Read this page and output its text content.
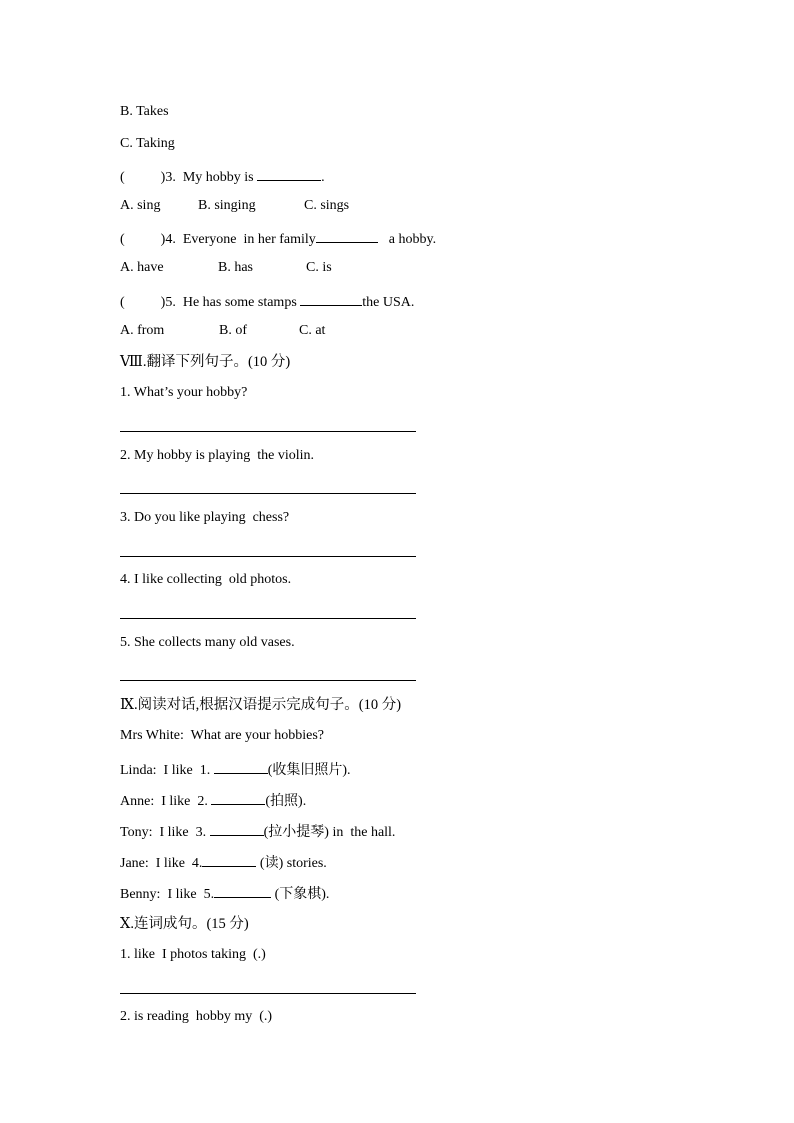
B. Takes
C. Taking
(	)3.  My hobby is	.
A. sing	B. singing	C. sings
(	)4.  Everyone  in her family	a hobby.
A. have	B. has	C. is
(	)5.  He has some stamps	the USA.
A. from	B. of	C. at
Ⅷ.翻译下列句子。(10 分)
1. What’s your hobby?
2. My hobby is playing  the violin.
3. Do you like playing  chess?
4. I like collecting  old photos.
5. She collects many old vases.
Ⅸ.阅读对话,根据汉语提示完成句子。(10 分)
Mrs White:  What are your hobbies?
Linda:  I like  1.	(收集旧照片).
Anne:  I like  2.	(拍照).
Tony:  I like  3.	(拉小提琴) in  the hall.
Jane:  I like  4.	(读) stories.
Benny:  I like  5.	(下象棋).
Ⅹ.连词成句。(15 分)
1. like  I photos taking  (.)
2. is reading  hobby my  (.)
